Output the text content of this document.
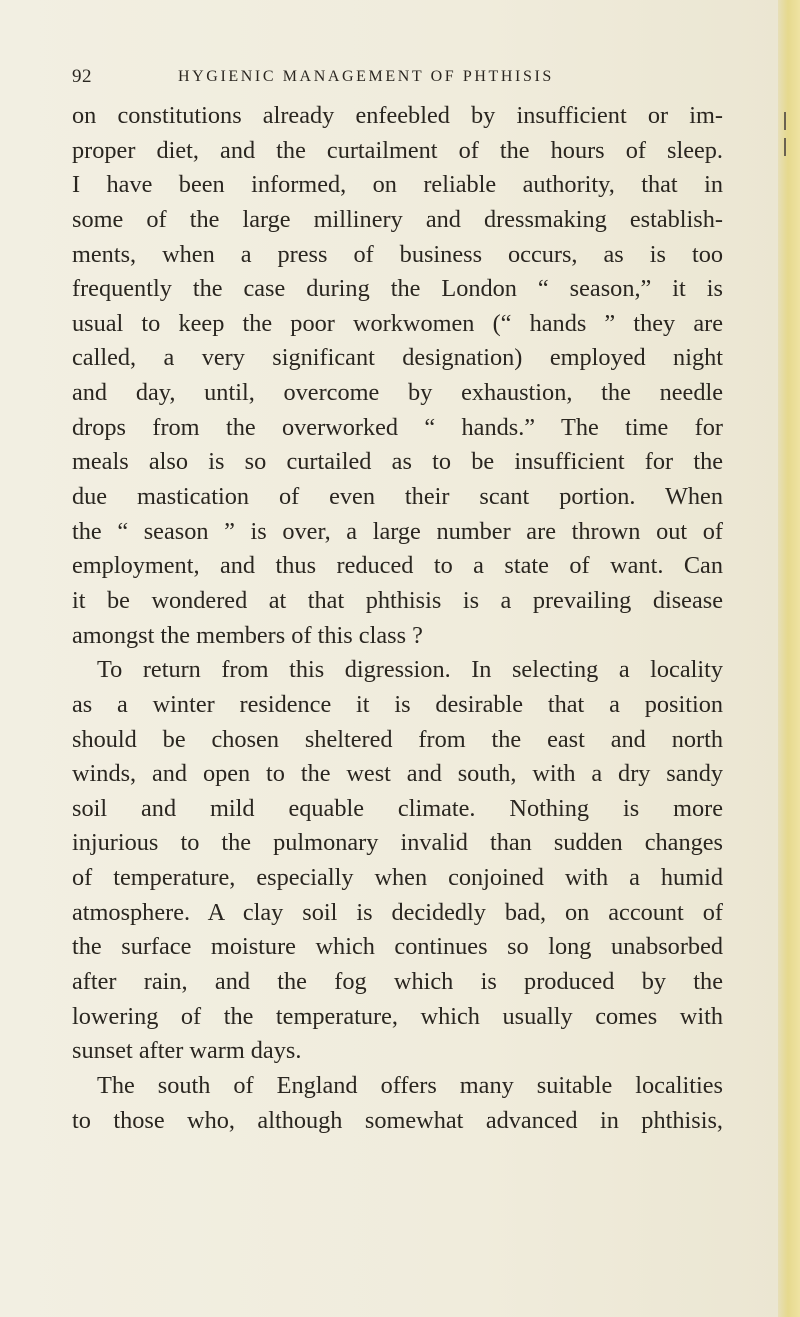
92	HYGIENIC MANAGEMENT OF PHTHISIS
on constitutions already enfeebled by insufficient or im-
proper diet, and the curtailment of the hours of sleep.
I have been informed, on reliable authority, that in
some of the large millinery and dressmaking establish-
ments, when a press of business occurs, as is too
frequently the case during the London “ season,” it is
usual to keep the poor workwomen (“ hands ” they are
called, a very significant designation) employed night
and day, until, overcome by exhaustion, the needle
drops from the overworked “ hands.” The time for
meals also is so curtailed as to be insufficient for the
due mastication of even their scant portion. When
the “ season ” is over, a large number are thrown out of
employment, and thus reduced to a state of want. Can
it be wondered at that phthisis is a prevailing disease
amongst the members of this class ?
To return from this digression. In selecting a locality
as a winter residence it is desirable that a position
should be chosen sheltered from the east and north
winds, and open to the west and south, with a dry sandy
soil and mild equable climate. Nothing is more
injurious to the pulmonary invalid than sudden changes
of temperature, especially when conjoined with a humid
atmosphere. A clay soil is decidedly bad, on account of
the surface moisture which continues so long unabsorbed
after rain, and the fog which is produced by the
lowering of the temperature, which usually comes with
sunset after warm days.
The south of England offers many suitable localities
to those who, although somewhat advanced in phthisis,
